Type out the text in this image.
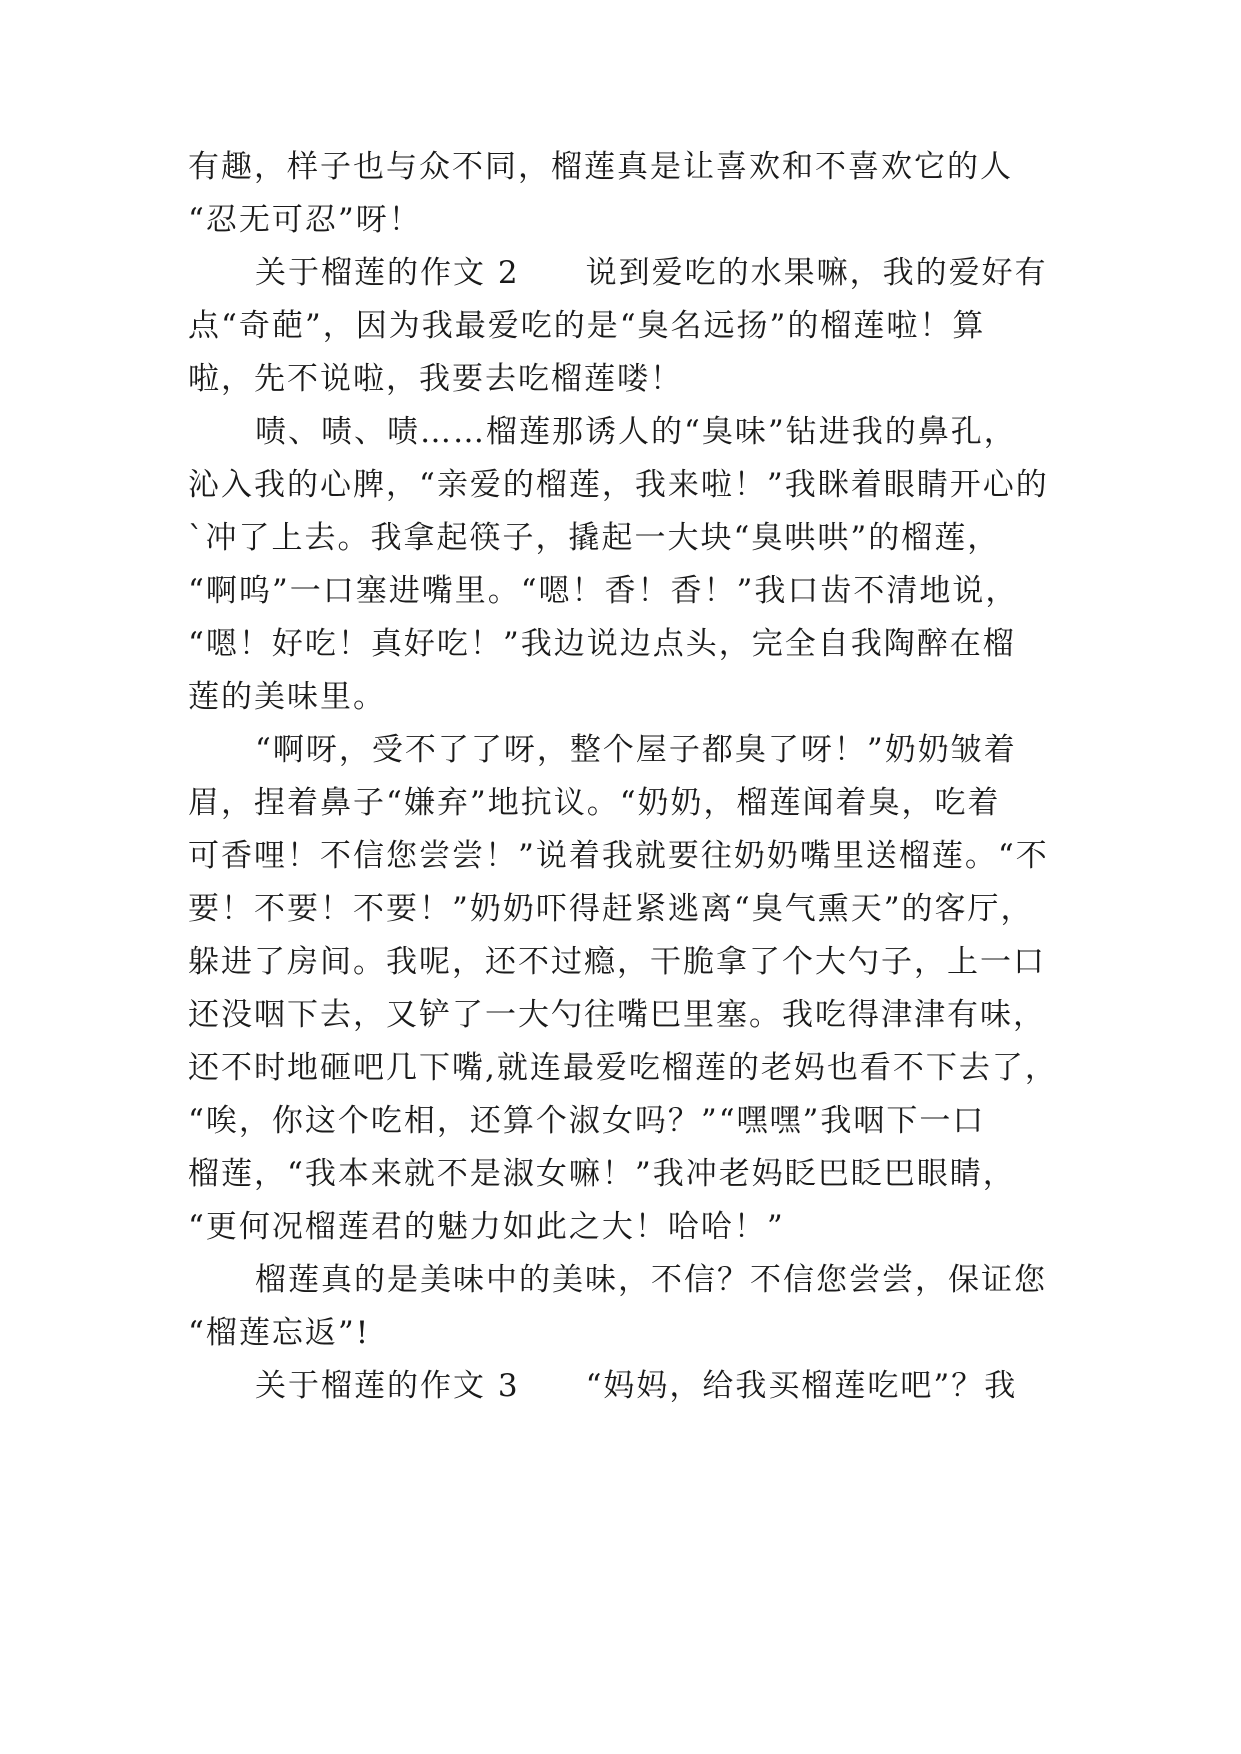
有趣，样子也与众不同，榴莲真是让喜欢和不喜欢它的人
“忍无可忍”呀！
关于榴莲的作文 2　　说到爱吃的水果嘛，我的爱好有
点“奇葩”，因为我最爱吃的是“臭名远扬”的榴莲啦！算
啦，先不说啦，我要去吃榴莲喽！
啧、啧、啧……榴莲那诱人的“臭味”钻进我的鼻孔，
沁入我的心脾，“亲爱的榴莲，我来啦！”我眯着眼睛开心的
`冲了上去。我拿起筷子，撬起一大块“臭哄哄”的榴莲，
“啊呜”一口塞进嘴里。“嗯！香！香！”我口齿不清地说，
“嗯！好吃！真好吃！”我边说边点头，完全自我陶醉在榴
莲的美味里。
“啊呀，受不了了呀，整个屋子都臭了呀！”奶奶皱着
眉，捏着鼻子“嫌弃”地抗议。“奶奶，榴莲闻着臭，吃着
可香哩！不信您尝尝！”说着我就要往奶奶嘴里送榴莲。“不
要！不要！不要！”奶奶吓得赶紧逃离“臭气熏天”的客厅，
躲进了房间。我呢，还不过瘾，干脆拿了个大勺子，上一口
还没咽下去，又铲了一大勺往嘴巴里塞。我吃得津津有味，
还不时地砸吧几下嘴,就连最爱吃榴莲的老妈也看不下去了，
“唉，你这个吃相，还算个淑女吗？”“嘿嘿”我咽下一口
榴莲，“我本来就不是淑女嘛！”我冲老妈眨巴眨巴眼睛，
“更何况榴莲君的魅力如此之大！哈哈！”
榴莲真的是美味中的美味，不信？不信您尝尝，保证您
“榴莲忘返”!
关于榴莲的作文 3　　“妈妈，给我买榴莲吃吧”？我
